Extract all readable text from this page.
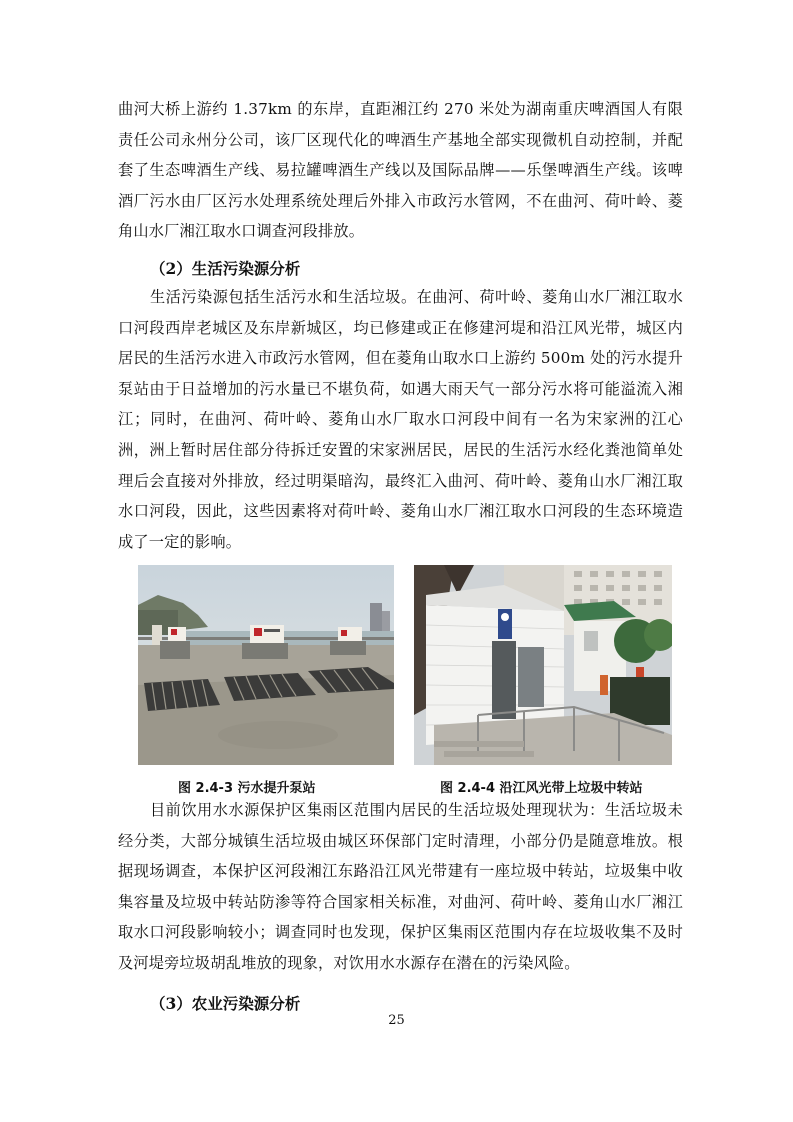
曲河大桥上游约 1.37km 的东岸，直距湘江约 270 米处为湖南重庆啤酒国人有限责任公司永州分公司，该厂区现代化的啤酒生产基地全部实现微机自动控制，并配套了生态啤酒生产线、易拉罐啤酒生产线以及国际品牌——乐堡啤酒生产线。该啤酒厂污水由厂区污水处理系统处理后外排入市政污水管网，不在曲河、荷叶岭、菱角山水厂湘江取水口调查河段排放。

（2）生活污染源分析

生活污染源包括生活污水和生活垃圾。在曲河、荷叶岭、菱角山水厂湘江取水口河段西岸老城区及东岸新城区，均已修建或正在修建河堤和沿江风光带，城区内居民的生活污水进入市政污水管网，但在菱角山取水口上游约 500m 处的污水提升泵站由于日益增加的污水量已不堪负荷，如遇大雨天气一部分污水将可能溢流入湘江；同时，在曲河、荷叶岭、菱角山水厂取水口河段中间有一名为宋家洲的江心洲，洲上暂时居住部分待拆迁安置的宋家洲居民，居民的生活污水经化粪池简单处理后会直接对外排放，经过明渠暗沟，最终汇入曲河、荷叶岭、菱角山水厂湘江取水口河段，因此，这些因素将对荷叶岭、菱角山水厂湘江取水口河段的生态环境造成了一定的影响。

图 2.4-3 污水提升泵站	图 2.4-4 沿江风光带上垃圾中转站

目前饮用水水源保护区集雨区范围内居民的生活垃圾处理现状为：生活垃圾未经分类，大部分城镇生活垃圾由城区环保部门定时清理，小部分仍是随意堆放。根据现场调查，本保护区河段湘江东路沿江风光带建有一座垃圾中转站，垃圾集中收集容量及垃圾中转站防渗等符合国家相关标准，对曲河、荷叶岭、菱角山水厂湘江取水口河段影响较小；调查同时也发现，保护区集雨区范围内存在垃圾收集不及时及河堤旁垃圾胡乱堆放的现象，对饮用水水源存在潜在的污染风险。

（3）农业污染源分析

25
